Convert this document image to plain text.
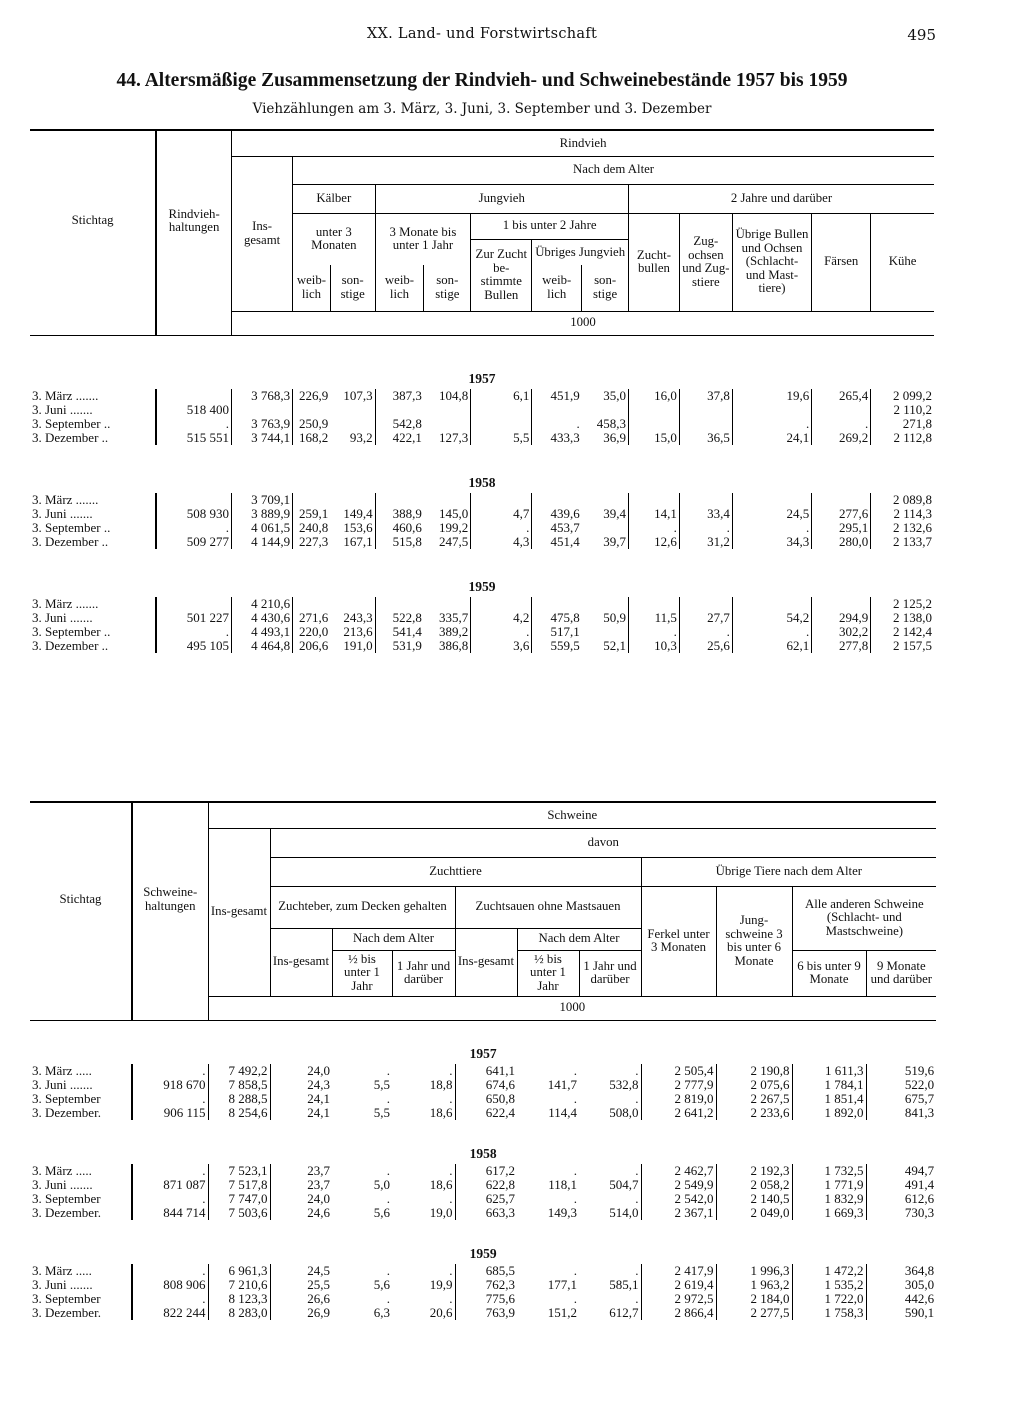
XX. Land- und Forstwirtschaft	495
44. Altersmäßige Zusammensetzung der Rindvieh- und Schweinebestände 1957 bis 1959
Viehzählungen am 3. März, 3. Juni, 3. September und 3. Dezember
Stichtag	Rindvieh-haltungen	Rindvieh												
		Ins-gesamt	Nach dem Alter											
			Kälber		Jungvieh					2 Jahre und darüber				
			unter 3 Monaten		3 Monate bis unter 1 Jahr		1 bis unter 2 Jahre			Zucht-bullen	Zug-ochsen und Zug-stiere	Übrige Bullen und Ochsen (Schlacht- und Mast-tiere)	Färsen	Kühe
							Zur Zucht be-stimmte Bullen	Übriges Jungvieh						
			weib-lich	son-stige	weib-lich	son-stige		weib-lich	son-stige					
		1000												
1957														
3. März .......		3 768,3	226,9	107,3	387,3	104,8	6,1	451,9	35,0	16,0	37,8	19,6	265,4	2 099,2
3. Juni .......	518 400													2 110,2
3. September ..	.	3 763,9	250,9		542,8			.	458,3			.	.	271,8
3. Dezember ..	515 551	3 744,1	168,2	93,2	422,1	127,3	5,5	433,3	36,9	15,0	36,5	24,1	269,2	2 112,8
1958														
3. März .......		3 709,1												2 089,8
3. Juni .......	508 930	3 889,9	259,1	149,4	388,9	145,0	4,7	439,6	39,4	14,1	33,4	24,5	277,6	2 114,3
3. September ..	.	4 061,5	240,8	153,6	460,6	199,2	.	453,7		.	.	.	295,1	2 132,6
3. Dezember ..	509 277	4 144,9	227,3	167,1	515,8	247,5	4,3	451,4	39,7	12,6	31,2	34,3	280,0	2 133,7
1959														
3. März .......		4 210,6												2 125,2
3. Juni .......	501 227	4 430,6	271,6	243,3	522,8	335,7	4,2	475,8	50,9	11,5	27,7	54,2	294,9	2 138,0
3. September ..	.	4 493,1	220,0	213,6	541,4	389,2	.	517,1		.	.	.	302,2	2 142,4
3. Dezember ..	495 105	4 464,8	206,6	191,0	531,9	386,8	3,6	559,5	52,1	10,3	25,6	62,1	277,8	2 157,5

Stichtag	Schweine-haltungen	Schweine										
		Ins-gesamt	davon									
			Zuchttiere						Übrige Tiere nach dem Alter			
			Zuchteber, zum Decken gehalten			Zuchtsauen ohne Mastsauen			Ferkel unter 3 Monaten	Jung-schweine 3 bis unter 6 Monate	Alle anderen Schweine (Schlacht- und Mastschweine)	
			Ins-gesamt	Nach dem Alter		Ins-gesamt	Nach dem Alter					
				½ bis unter 1 Jahr	1 Jahr und darüber		½ bis unter 1 Jahr	1 Jahr und darüber			6 bis unter 9 Monate	9 Monate und darüber
		1000										
1957												
3. März .....	.	7 492,2	24,0	.	.	641,1	.	.	2 505,4	2 190,8	1 611,3	519,6
3. Juni .......	918 670	7 858,5	24,3	5,5	18,8	674,6	141,7	532,8	2 777,9	2 075,6	1 784,1	522,0
3. September	.	8 288,5	24,1	.	.	650,8	.	.	2 819,0	2 267,5	1 851,4	675,7
3. Dezember.	906 115	8 254,6	24,1	5,5	18,6	622,4	114,4	508,0	2 641,2	2 233,6	1 892,0	841,3
1958												
3. März .....	.	7 523,1	23,7	.	.	617,2	.	.	2 462,7	2 192,3	1 732,5	494,7
3. Juni .......	871 087	7 517,8	23,7	5,0	18,6	622,8	118,1	504,7	2 549,9	2 058,2	1 771,9	491,4
3. September	.	7 747,0	24,0	.	.	625,7	.	.	2 542,0	2 140,5	1 832,9	612,6
3. Dezember.	844 714	7 503,6	24,6	5,6	19,0	663,3	149,3	514,0	2 367,1	2 049,0	1 669,3	730,3
1959												
3. März .....	.	6 961,3	24,5	.	.	685,5	.	.	2 417,9	1 996,3	1 472,2	364,8
3. Juni .......	808 906	7 210,6	25,5	5,6	19,9	762,3	177,1	585,1	2 619,4	1 963,2	1 535,2	305,0
3. September	.	8 123,3	26,6	.	.	775,6	.	.	2 972,5	2 184,0	1 722,0	442,6
3. Dezember.	822 244	8 283,0	26,9	6,3	20,6	763,9	151,2	612,7	2 866,4	2 277,5	1 758,3	590,1
